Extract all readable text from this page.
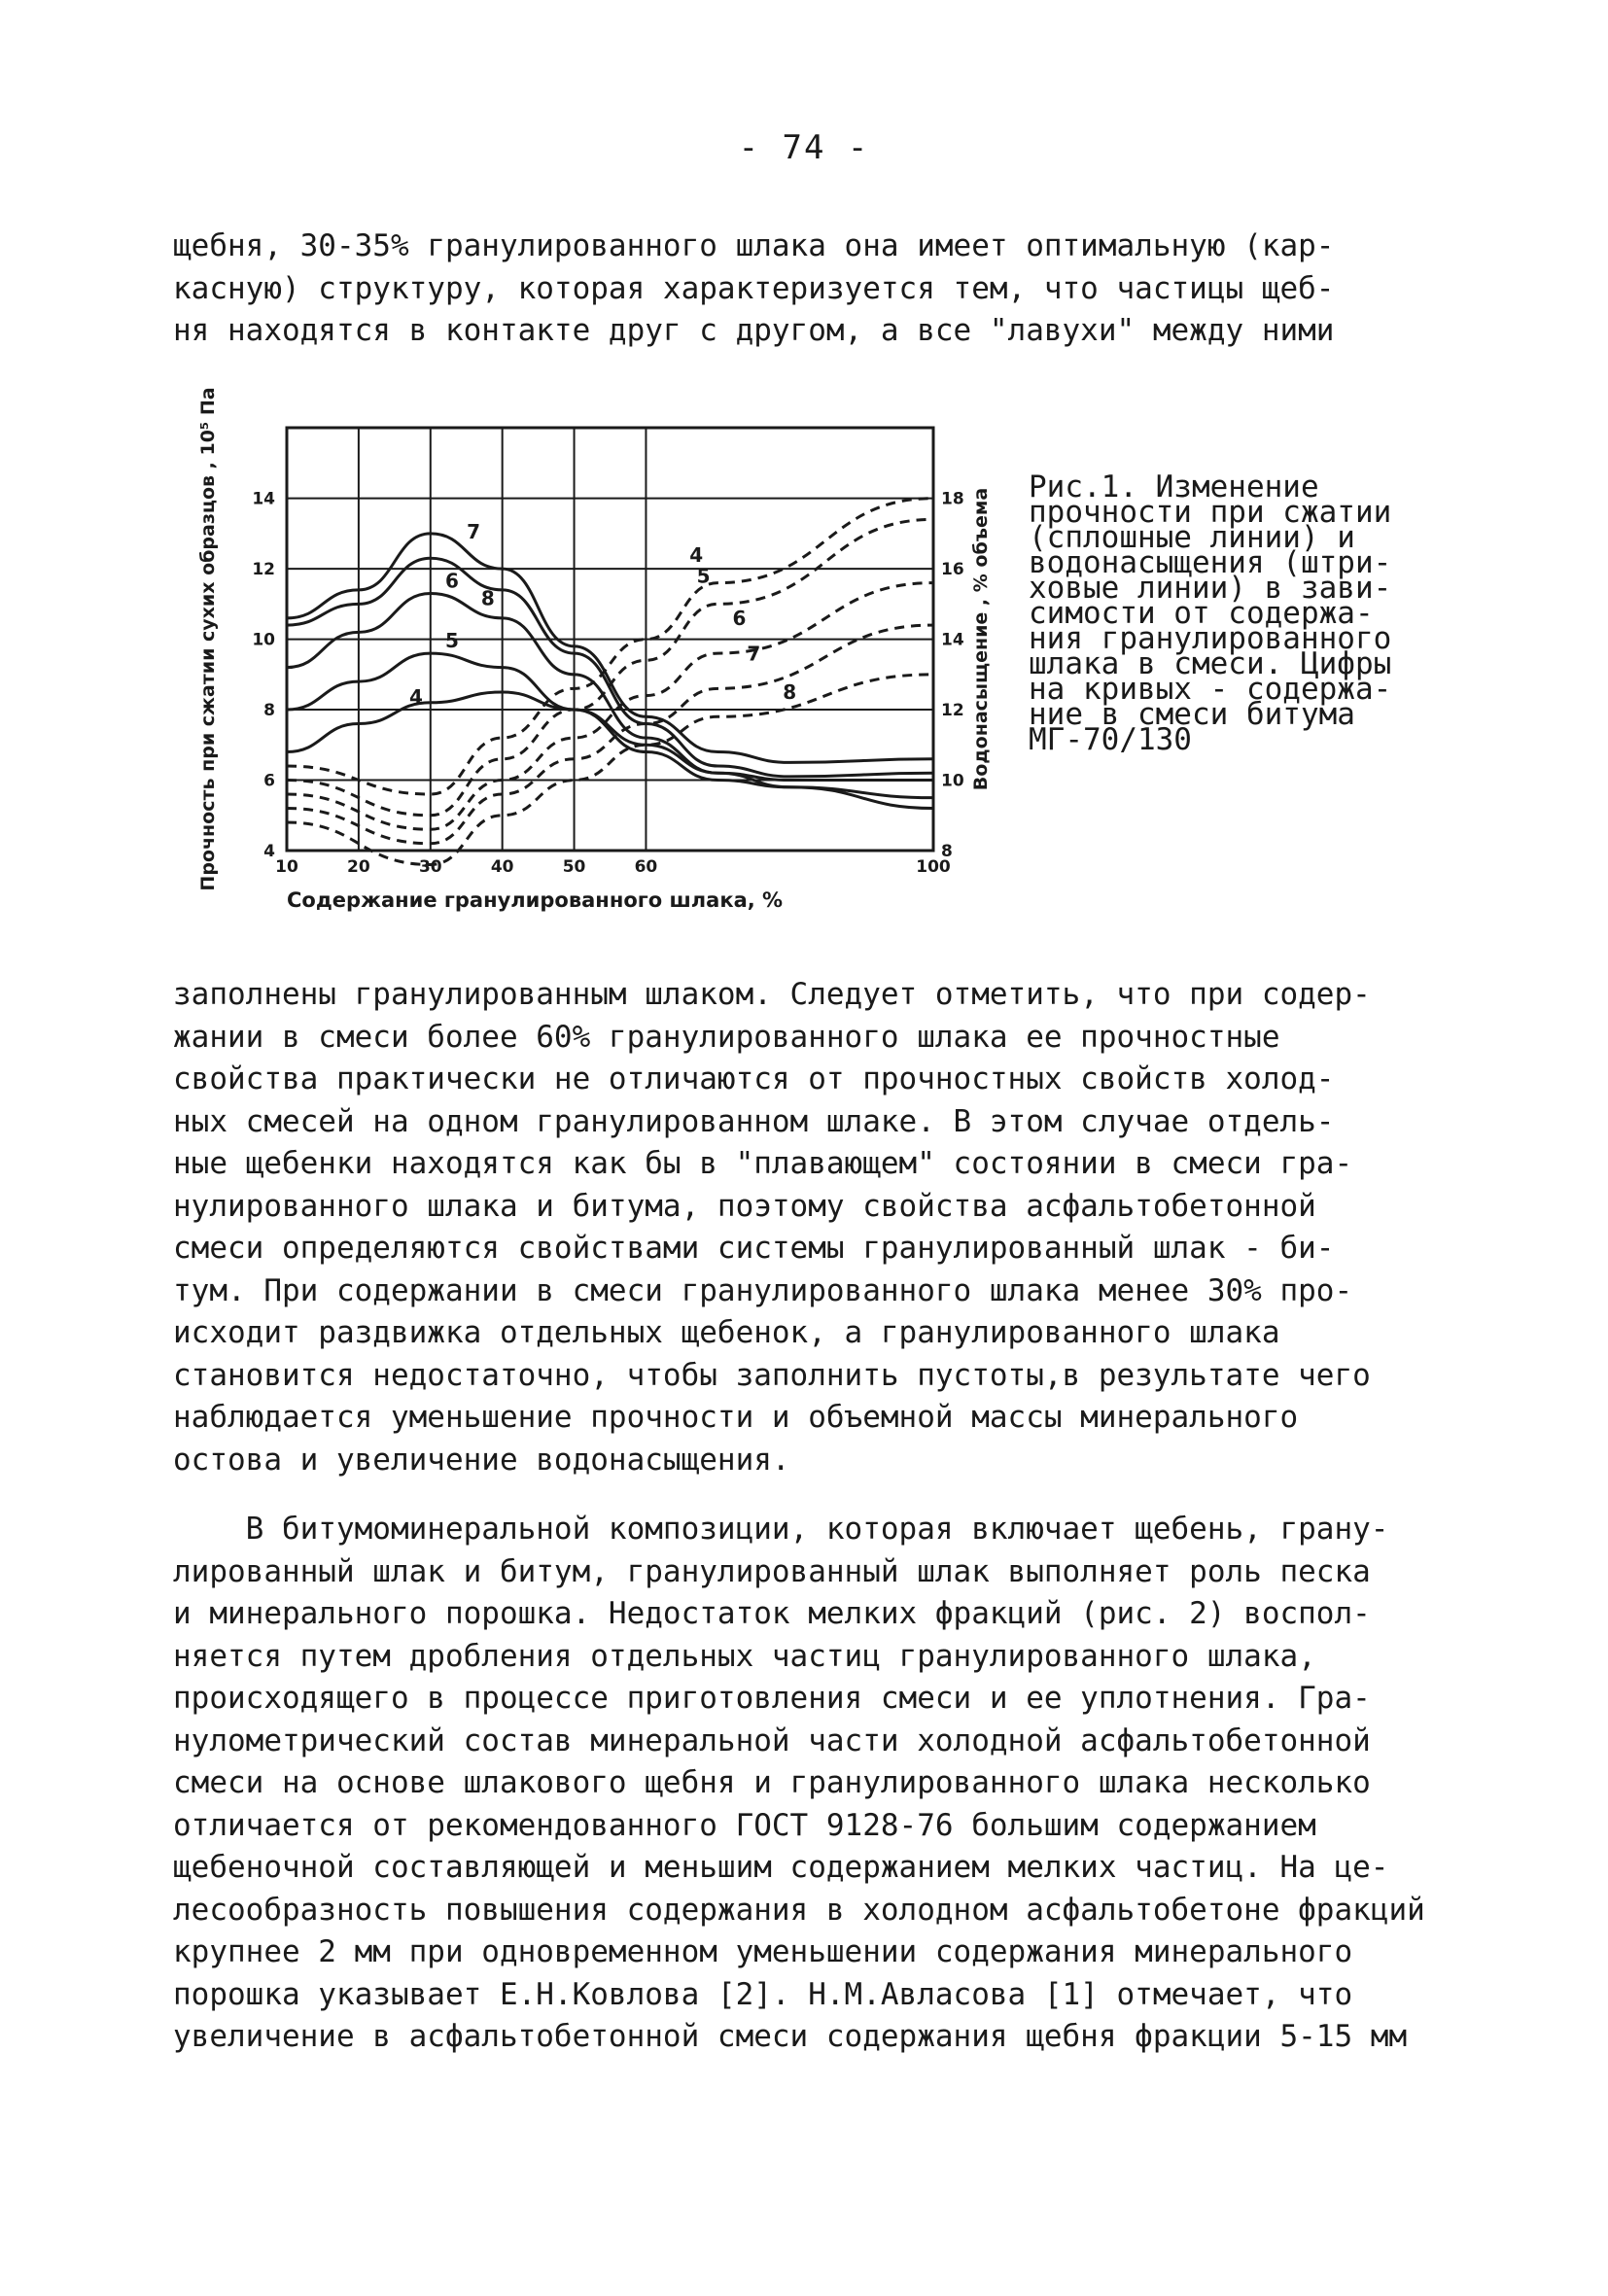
- 74 -
щебня, 30-35% гранулированного шлака она имеет оптимальную (кар-
касную) структуру, которая характеризуется тем, что частицы щеб-
ня находятся в контакте друг с другом, а все "лавухи" между ними
10	20	30	40	50	60	100
4
6
8
10
12
14
8
10
12
14
16
18
Содержание гранулированного шлака, %
Прочность при сжатии сухих образцов , 10⁵ Па	Водонасыщение , % объема
4
5
6
8
7
4
5
6
7
8
Рис.1. Изменение
прочности при сжатии
(сплошные линии) и
водонасыщения (штри-
ховые линии) в зави-
симости от содержа-
ния гранулированного
шлака в смеси. Цифры
на кривых - содержа-
ние в смеси битума
МГ-70/130
заполнены гранулированным шлаком. Следует отметить, что при содер-
жании в смеси более 60% гранулированного шлака ее прочностные
свойства практически не отличаются от прочностных свойств холод-
ных смесей на одном гранулированном шлаке. В этом случае отдель-
ные щебенки находятся как бы в "плавающем" состоянии в смеси гра-
нулированного шлака и битума, поэтому свойства асфальтобетонной
смеси определяются свойствами системы гранулированный шлак - би-
тум. При содержании в смеси гранулированного шлака менее 30% про-
исходит раздвижка отдельных щебенок, а гранулированного шлака
становится недостаточно, чтобы заполнить пустоты,в результате чего
наблюдается уменьшение прочности и объемной массы минерального
остова и увеличение водонасыщения.
В битумоминеральной композиции, которая включает щебень, грану-
лированный шлак и битум, гранулированный шлак выполняет роль песка
и минерального порошка. Недостаток мелких фракций (рис. 2) воспол-
няется путем дробления отдельных частиц гранулированного шлака,
происходящего в процессе приготовления смеси и ее уплотнения. Гра-
нулометрический состав минеральной части холодной асфальтобетонной
смеси на основе шлакового щебня и гранулированного шлака несколько
отличается от рекомендованного ГОСТ 9128-76 большим содержанием
щебеночной составляющей и меньшим содержанием мелких частиц. На це-
лесообразность повышения содержания в холодном асфальтобетоне фракций
крупнее 2 мм при одновременном уменьшении содержания минерального
порошка указывает Е.Н.Ковлова [2]. Н.М.Авласова [1] отмечает, что
увеличение в асфальтобетонной смеси содержания щебня фракции 5-15 мм
